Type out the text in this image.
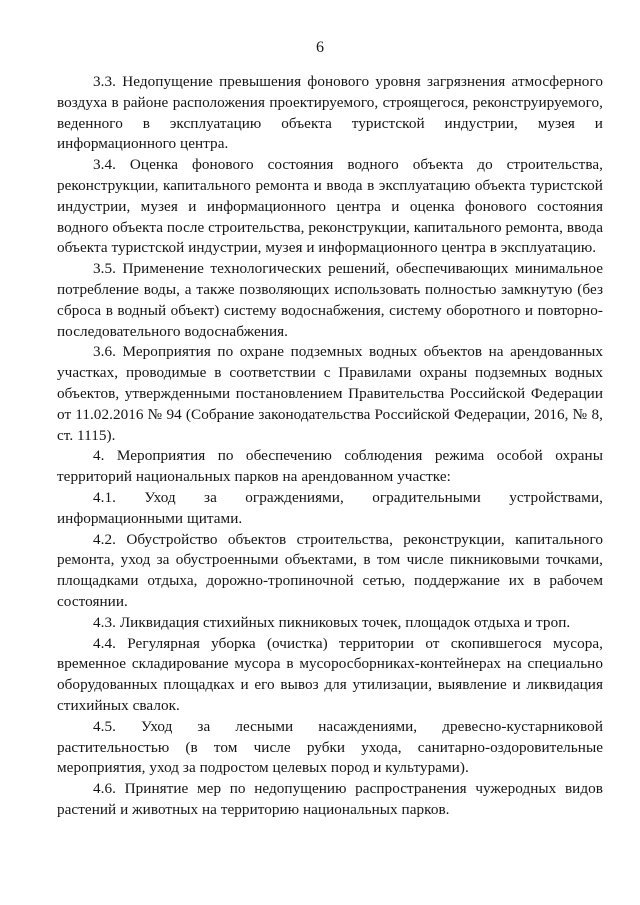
6

3.3. Недопущение превышения фонового уровня загрязнения атмосферного воздуха в районе расположения проектируемого, строящегося, реконструируемого, веденного в эксплуатацию объекта туристской индустрии, музея и информационного центра.

3.4. Оценка фонового состояния водного объекта до строительства, реконструкции, капитального ремонта и ввода в эксплуатацию объекта туристской индустрии, музея и информационного центра и оценка фонового состояния водного объекта после строительства, реконструкции, капитального ремонта, ввода объекта туристской индустрии, музея и информационного центра в эксплуатацию.

3.5. Применение технологических решений, обеспечивающих минимальное потребление воды, а также позволяющих использовать полностью замкнутую (без сброса в водный объект) систему водоснабжения, систему оборотного и повторно-последовательного водоснабжения.

3.6. Мероприятия по охране подземных водных объектов на арендованных участках, проводимые в соответствии с Правилами охраны подземных водных объектов, утвержденными постановлением Правительства Российской Федерации от 11.02.2016 № 94 (Собрание законодательства Российской Федерации, 2016, № 8, ст. 1115).

4. Мероприятия по обеспечению соблюдения режима особой охраны территорий национальных парков на арендованном участке:

4.1. Уход за ограждениями, оградительными устройствами, информационными щитами.

4.2. Обустройство объектов строительства, реконструкции, капитального ремонта, уход за обустроенными объектами, в том числе пикниковыми точками, площадками отдыха, дорожно-тропиночной сетью, поддержание их в рабочем состоянии.

4.3. Ликвидация стихийных пикниковых точек, площадок отдыха и троп.

4.4. Регулярная уборка (очистка) территории от скопившегося мусора, временное складирование мусора в мусоросборниках-контейнерах на специально оборудованных площадках и его вывоз для утилизации, выявление и ликвидация стихийных свалок.

4.5. Уход за лесными насаждениями, древесно-кустарниковой растительностью (в том числе рубки ухода, санитарно-оздоровительные мероприятия, уход за подростом целевых пород и культурами).

4.6. Принятие мер по недопущению распространения чужеродных видов растений и животных на территорию национальных парков.
